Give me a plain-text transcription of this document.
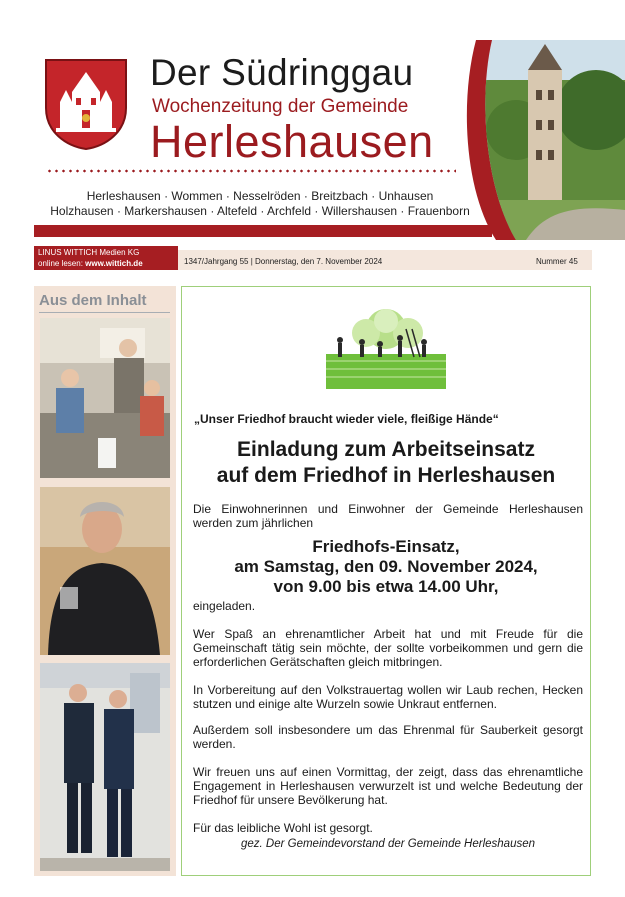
Der Südringgau
Wochenzeitung der Gemeinde
Herleshausen
Herleshausen · Wommen · Nesselröden · Breitzbach · Unhausen
Holzhausen · Markershausen · Altefeld · Archfeld · Willershausen · Frauenborn
LINUS WITTICH Medien KG
online lesen: www.wittich.de	1347/Jahrgang 55 | Donnerstag, den 7. November 2024	Nummer 45
Aus dem Inhalt
„Unser Friedhof braucht wieder viele, fleißige Hände“
Einladung zum Arbeitseinsatz
auf dem Friedhof in Herleshausen
Die Einwohnerinnen und Einwohner der Gemeinde Herleshausen werden zum jährlichen
Friedhofs-Einsatz,
am Samstag, den 09. November 2024,
von 9.00 bis etwa 14.00 Uhr,
eingeladen.
Wer Spaß an ehrenamtlicher Arbeit hat und mit Freude für die Gemeinschaft tätig sein möchte, der sollte vorbeikommen und gern die erforderlichen Gerätschaften gleich mitbringen.
In Vorbereitung auf den Volkstrauertag wollen wir Laub rechen, Hecken stutzen und einige alte Wurzeln sowie Unkraut entfernen.
Außerdem soll insbesondere um das Ehrenmal für Sauberkeit gesorgt werden.
Wir freuen uns auf einen Vormittag, der zeigt, dass das ehrenamtliche Engagement in Herleshausen verwurzelt ist und welche Bedeutung der Friedhof für unsere Bevölkerung hat.
Für das leibliche Wohl ist gesorgt.
gez. Der Gemeindevorstand der Gemeinde Herleshausen
